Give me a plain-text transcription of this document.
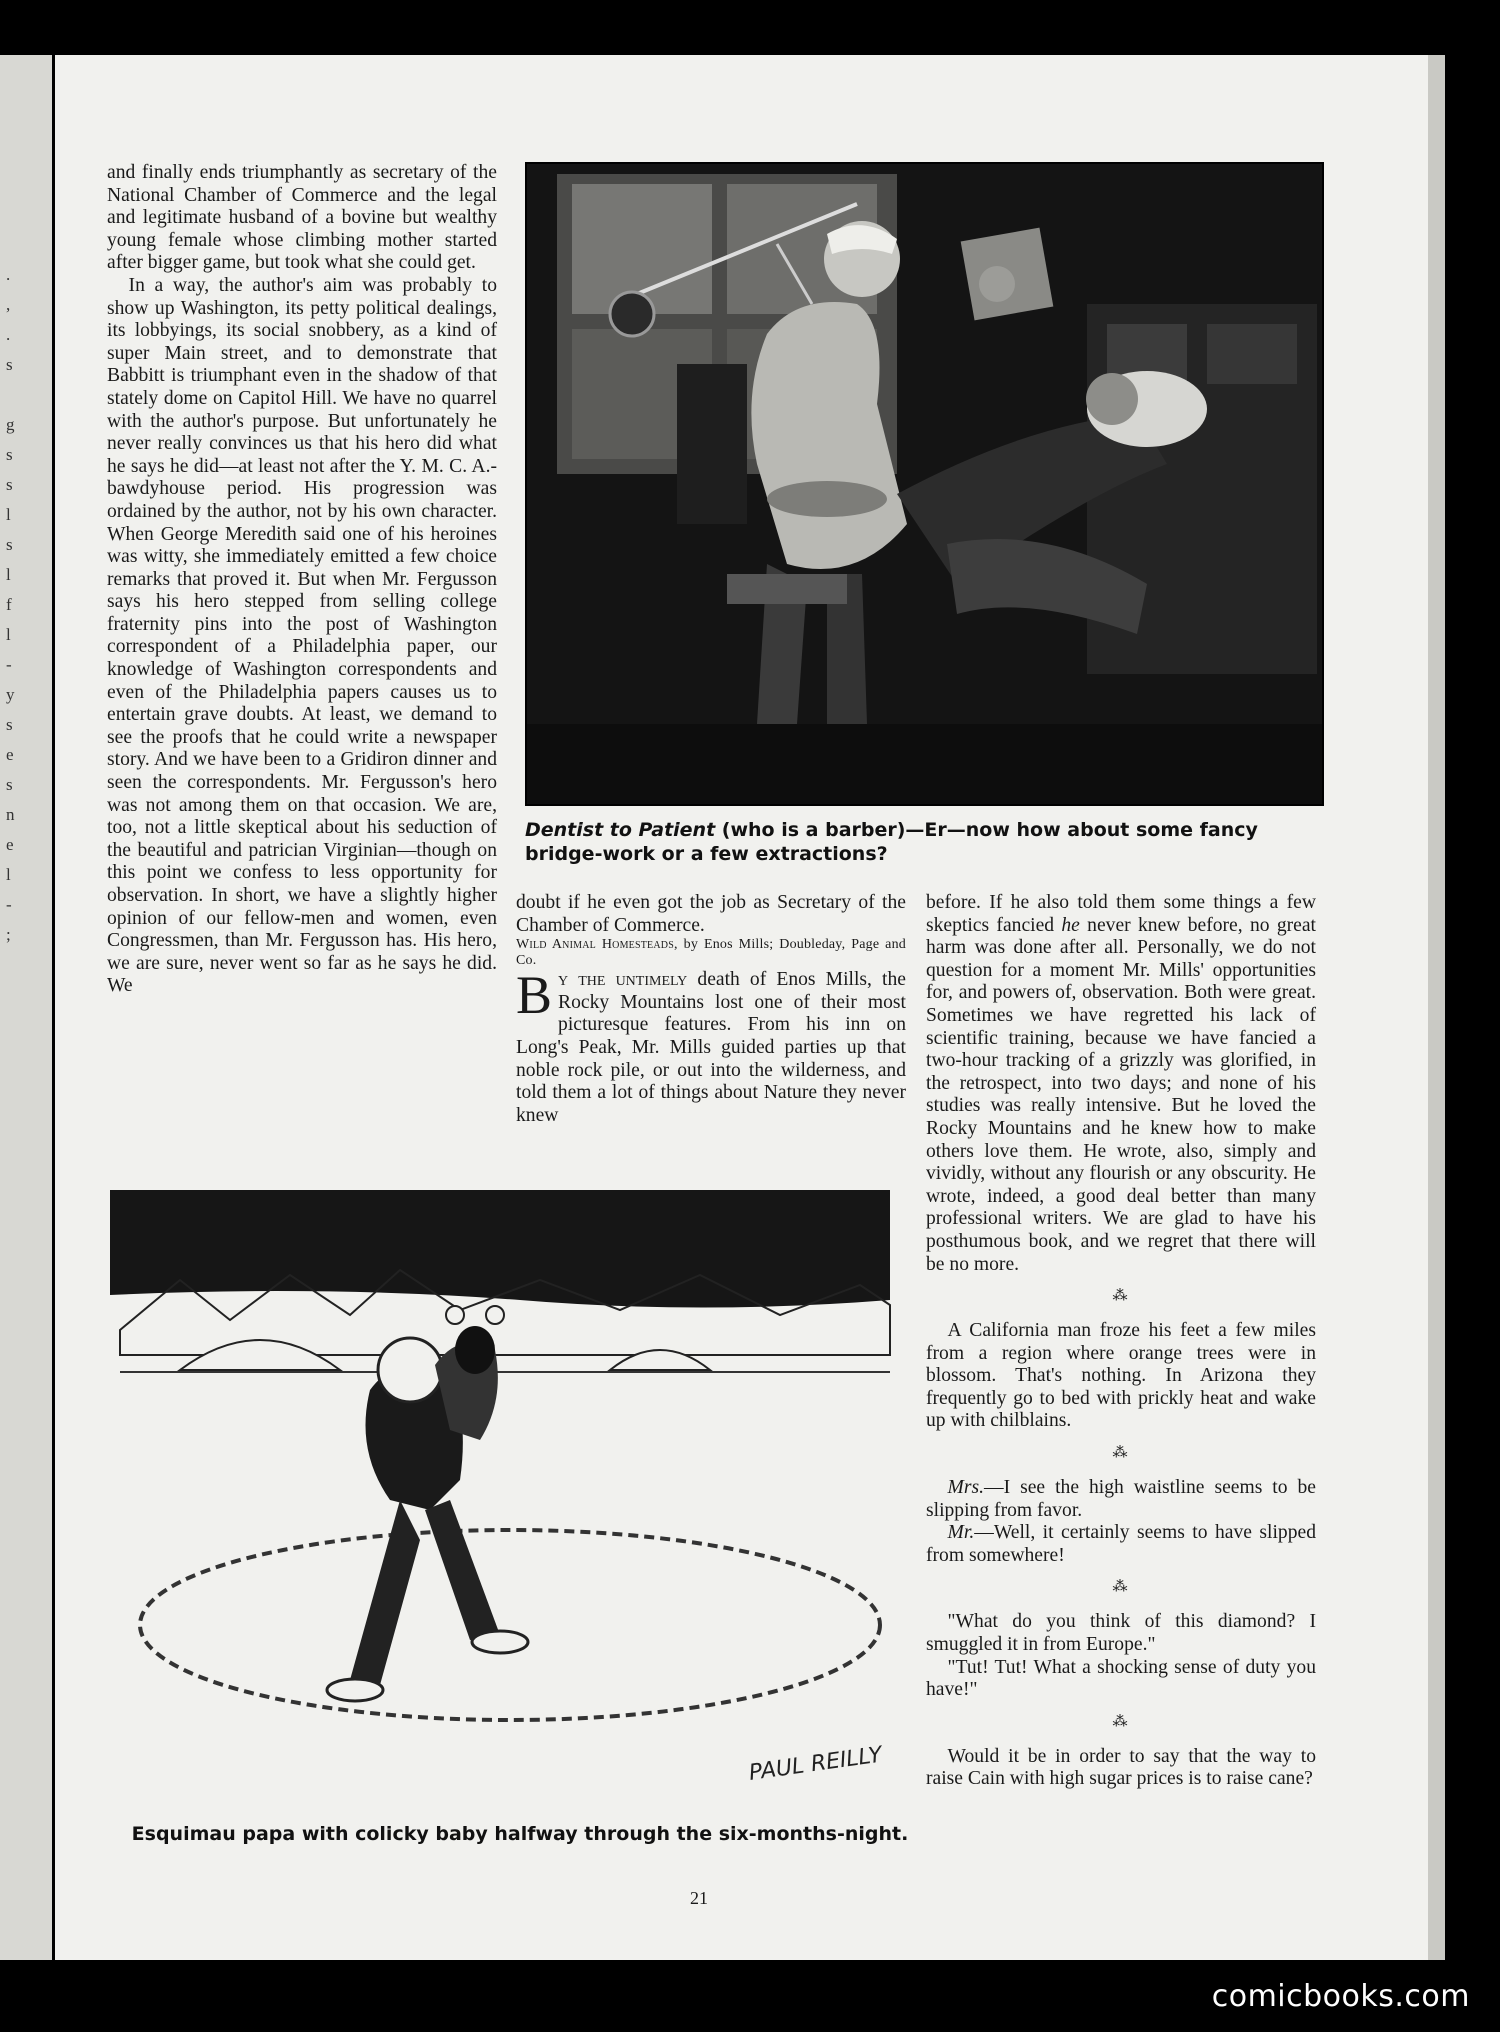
.
,
.
s

g
s
s
l
s
l
f
l
-
y
s
e
s
n
e
l
-
;

and finally ends triumphantly as secretary of the National Chamber of Commerce and the legal and legitimate husband of a bovine but wealthy young female whose climbing mother started after bigger game, but took what she could get.

In a way, the author's aim was probably to show up Washington, its petty political dealings, its lobbyings, its social snobbery, as a kind of super Main street, and to demonstrate that Babbitt is triumphant even in the shadow of that stately dome on Capitol Hill. We have no quarrel with the author's purpose. But unfortunately he never really convinces us that his hero did what he says he did—at least not after the Y. M. C. A.-bawdyhouse period. His progression was ordained by the author, not by his own character. When George Meredith said one of his heroines was witty, she immediately emitted a few choice remarks that proved it. But when Mr. Fergusson says his hero stepped from selling college fraternity pins into the post of Washington correspondent of a Philadelphia paper, our knowledge of Washington correspondents and even of the Philadelphia papers causes us to entertain grave doubts. At least, we demand to see the proofs that he could write a newspaper story. And we have been to a Gridiron dinner and seen the correspondents. Mr. Fergusson's hero was not among them on that occasion. We are, too, not a little skeptical about his seduction of the beautiful and patrician Virginian—though on this point we confess to less opportunity for observation. In short, we have a slightly higher opinion of our fellow-men and women, even Congressmen, than Mr. Fergusson has. His hero, we are sure, never went so far as he says he did. We

Dentist to Patient (who is a barber)—Er—now how about some fancy bridge-work or a few extractions?

doubt if he even got the job as Secretary of the Chamber of Commerce.

Wild Animal Homesteads, by Enos Mills; Doubleday, Page and Co.

By the untimely death of Enos Mills, the Rocky Mountains lost one of their most picturesque features. From his inn on Long's Peak, Mr. Mills guided parties up that noble rock pile, or out into the wilderness, and told them a lot of things about Nature they never knew

before. If he also told them some things a few skeptics fancied he never knew before, no great harm was done after all. Personally, we do not question for a moment Mr. Mills' opportunities for, and powers of, observation. Both were great. Sometimes we have regretted his lack of scientific training, because we have fancied a two-hour tracking of a grizzly was glorified, in the retrospect, into two days; and none of his studies was really intensive. But he loved the Rocky Mountains and he knew how to make others love them. He wrote, also, simply and vividly, without any flourish or any obscurity. He wrote, indeed, a good deal better than many professional writers. We are glad to have his posthumous book, and we regret that there will be no more.

⁂

A California man froze his feet a few miles from a region where orange trees were in blossom. That's nothing. In Arizona they frequently go to bed with prickly heat and wake up with chilblains.

⁂

Mrs.—I see the high waistline seems to be slipping from favor.

Mr.—Well, it certainly seems to have slipped from somewhere!

⁂

"What do you think of this diamond? I smuggled it in from Europe."

"Tut! Tut! What a shocking sense of duty you have!"

⁂

Would it be in order to say that the way to raise Cain with high sugar prices is to raise cane?

PAUL REILLY
Esquimau papa with colicky baby halfway through the six-months-night.
21
comicbooks.com
